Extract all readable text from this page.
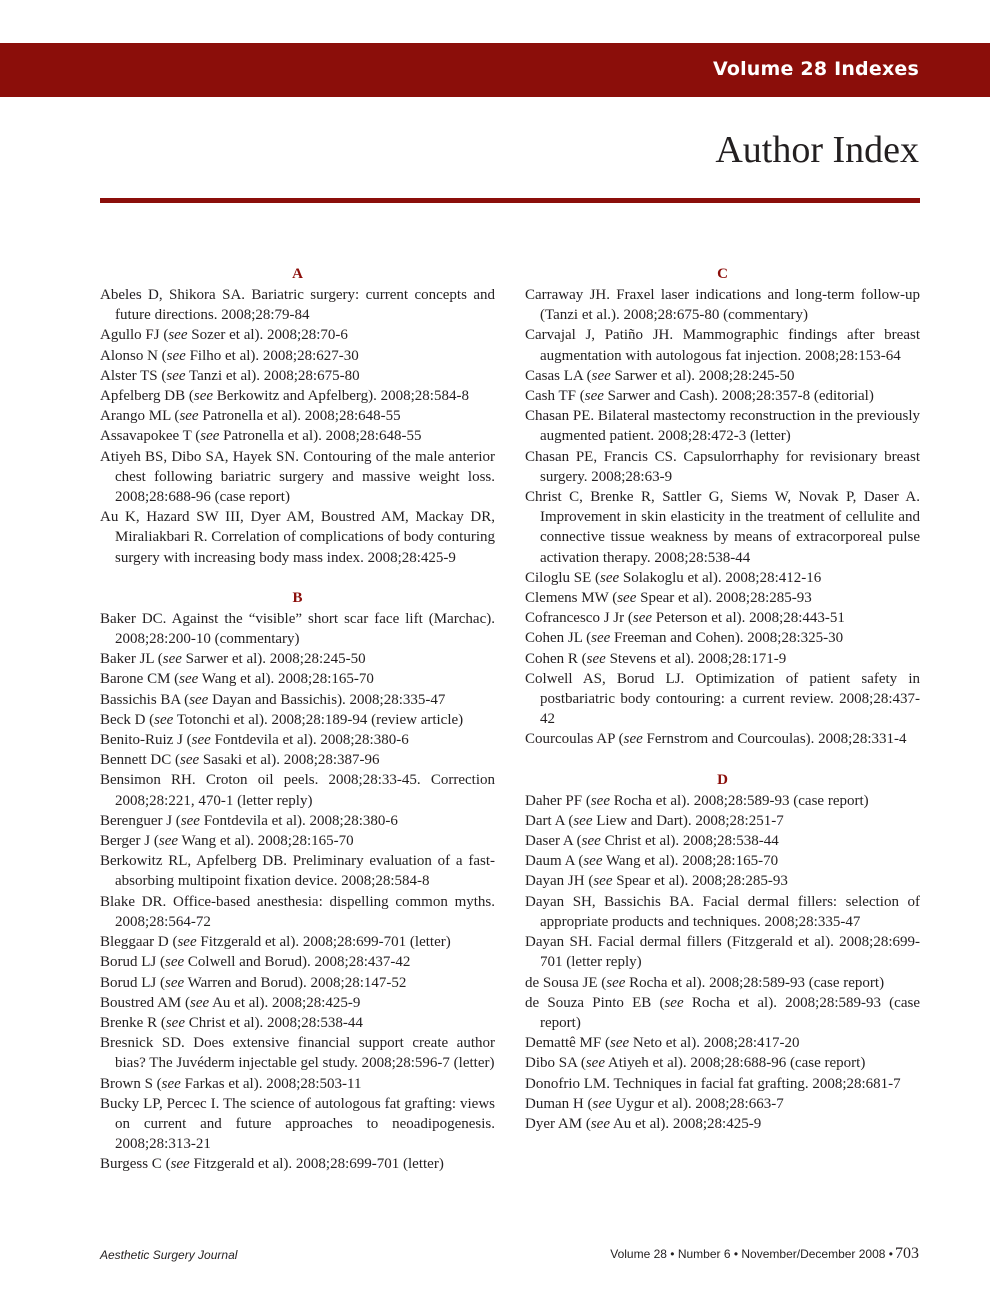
Volume 28 Indexes
Author Index
A
Abeles D, Shikora SA. Bariatric surgery: current concepts and future directions. 2008;28:79-84
Agullo FJ (see Sozer et al). 2008;28:70-6
Alonso N (see Filho et al). 2008;28:627-30
Alster TS (see Tanzi et al). 2008;28:675-80
Apfelberg DB (see Berkowitz and Apfelberg). 2008;28:584-8
Arango ML (see Patronella et al). 2008;28:648-55
Assavapokee T (see Patronella et al). 2008;28:648-55
Atiyeh BS, Dibo SA, Hayek SN. Contouring of the male anterior chest following bariatric surgery and massive weight loss. 2008;28:688-96 (case report)
Au K, Hazard SW III, Dyer AM, Boustred AM, Mackay DR, Miraliakbari R. Correlation of complications of body conturing surgery with increasing body mass index. 2008;28:425-9
B
Baker DC. Against the “visible” short scar face lift (Marchac). 2008;28:200-10 (commentary)
Baker JL (see Sarwer et al). 2008;28:245-50
Barone CM (see Wang et al). 2008;28:165-70
Bassichis BA (see Dayan and Bassichis). 2008;28:335-47
Beck D (see Totonchi et al). 2008;28:189-94 (review article)
Benito-Ruiz J (see Fontdevila et al). 2008;28:380-6
Bennett DC (see Sasaki et al). 2008;28:387-96
Bensimon RH. Croton oil peels. 2008;28:33-45. Correction 2008;28:221, 470-1 (letter reply)
Berenguer J (see Fontdevila et al). 2008;28:380-6
Berger J (see Wang et al). 2008;28:165-70
Berkowitz RL, Apfelberg DB. Preliminary evaluation of a fast-absorbing multipoint fixation device. 2008;28:584-8
Blake DR. Office-based anesthesia: dispelling common myths. 2008;28:564-72
Bleggaar D (see Fitzgerald et al). 2008;28:699-701 (letter)
Borud LJ (see Colwell and Borud). 2008;28:437-42
Borud LJ (see Warren and Borud). 2008;28:147-52
Boustred AM (see Au et al). 2008;28:425-9
Brenke R (see Christ et al). 2008;28:538-44
Bresnick SD. Does extensive financial support create author bias? The Juvéderm injectable gel study. 2008;28:596-7 (letter)
Brown S (see Farkas et al). 2008;28:503-11
Bucky LP, Percec I. The science of autologous fat grafting: views on current and future approaches to neoadipogenesis. 2008;28:313-21
Burgess C (see Fitzgerald et al). 2008;28:699-701 (letter)
C
Carraway JH. Fraxel laser indications and long-term follow-up (Tanzi et al.). 2008;28:675-80 (commentary)
Carvajal J, Patiño JH. Mammographic findings after breast augmentation with autologous fat injection. 2008;28:153-64
Casas LA (see Sarwer et al). 2008;28:245-50
Cash TF (see Sarwer and Cash). 2008;28:357-8 (editorial)
Chasan PE. Bilateral mastectomy reconstruction in the previously augmented patient. 2008;28:472-3 (letter)
Chasan PE, Francis CS. Capsulorrhaphy for revisionary breast surgery. 2008;28:63-9
Christ C, Brenke R, Sattler G, Siems W, Novak P, Daser A. Improvement in skin elasticity in the treatment of cellulite and connective tissue weakness by means of extracorporeal pulse activation therapy. 2008;28:538-44
Ciloglu SE (see Solakoglu et al). 2008;28:412-16
Clemens MW (see Spear et al). 2008;28:285-93
Cofrancesco J Jr (see Peterson et al). 2008;28:443-51
Cohen JL (see Freeman and Cohen). 2008;28:325-30
Cohen R (see Stevens et al). 2008;28:171-9
Colwell AS, Borud LJ. Optimization of patient safety in postbariatric body contouring: a current review. 2008;28:437-42
Courcoulas AP (see Fernstrom and Courcoulas). 2008;28:331-4
D
Daher PF (see Rocha et al). 2008;28:589-93 (case report)
Dart A (see Liew and Dart). 2008;28:251-7
Daser A (see Christ et al). 2008;28:538-44
Daum A (see Wang et al). 2008;28:165-70
Dayan JH (see Spear et al). 2008;28:285-93
Dayan SH, Bassichis BA. Facial dermal fillers: selection of appropriate products and techniques. 2008;28:335-47
Dayan SH. Facial dermal fillers (Fitzgerald et al). 2008;28:699-701 (letter reply)
de Sousa JE (see Rocha et al). 2008;28:589-93 (case report)
de Souza Pinto EB (see Rocha et al). 2008;28:589-93 (case report)
Demattê MF (see Neto et al). 2008;28:417-20
Dibo SA (see Atiyeh et al). 2008;28:688-96 (case report)
Donofrio LM. Techniques in facial fat grafting. 2008;28:681-7
Duman H (see Uygur et al). 2008;28:663-7
Dyer AM (see Au et al). 2008;28:425-9
Aesthetic Surgery Journal	Volume 28 • Number 6 • November/December 2008 • 703
